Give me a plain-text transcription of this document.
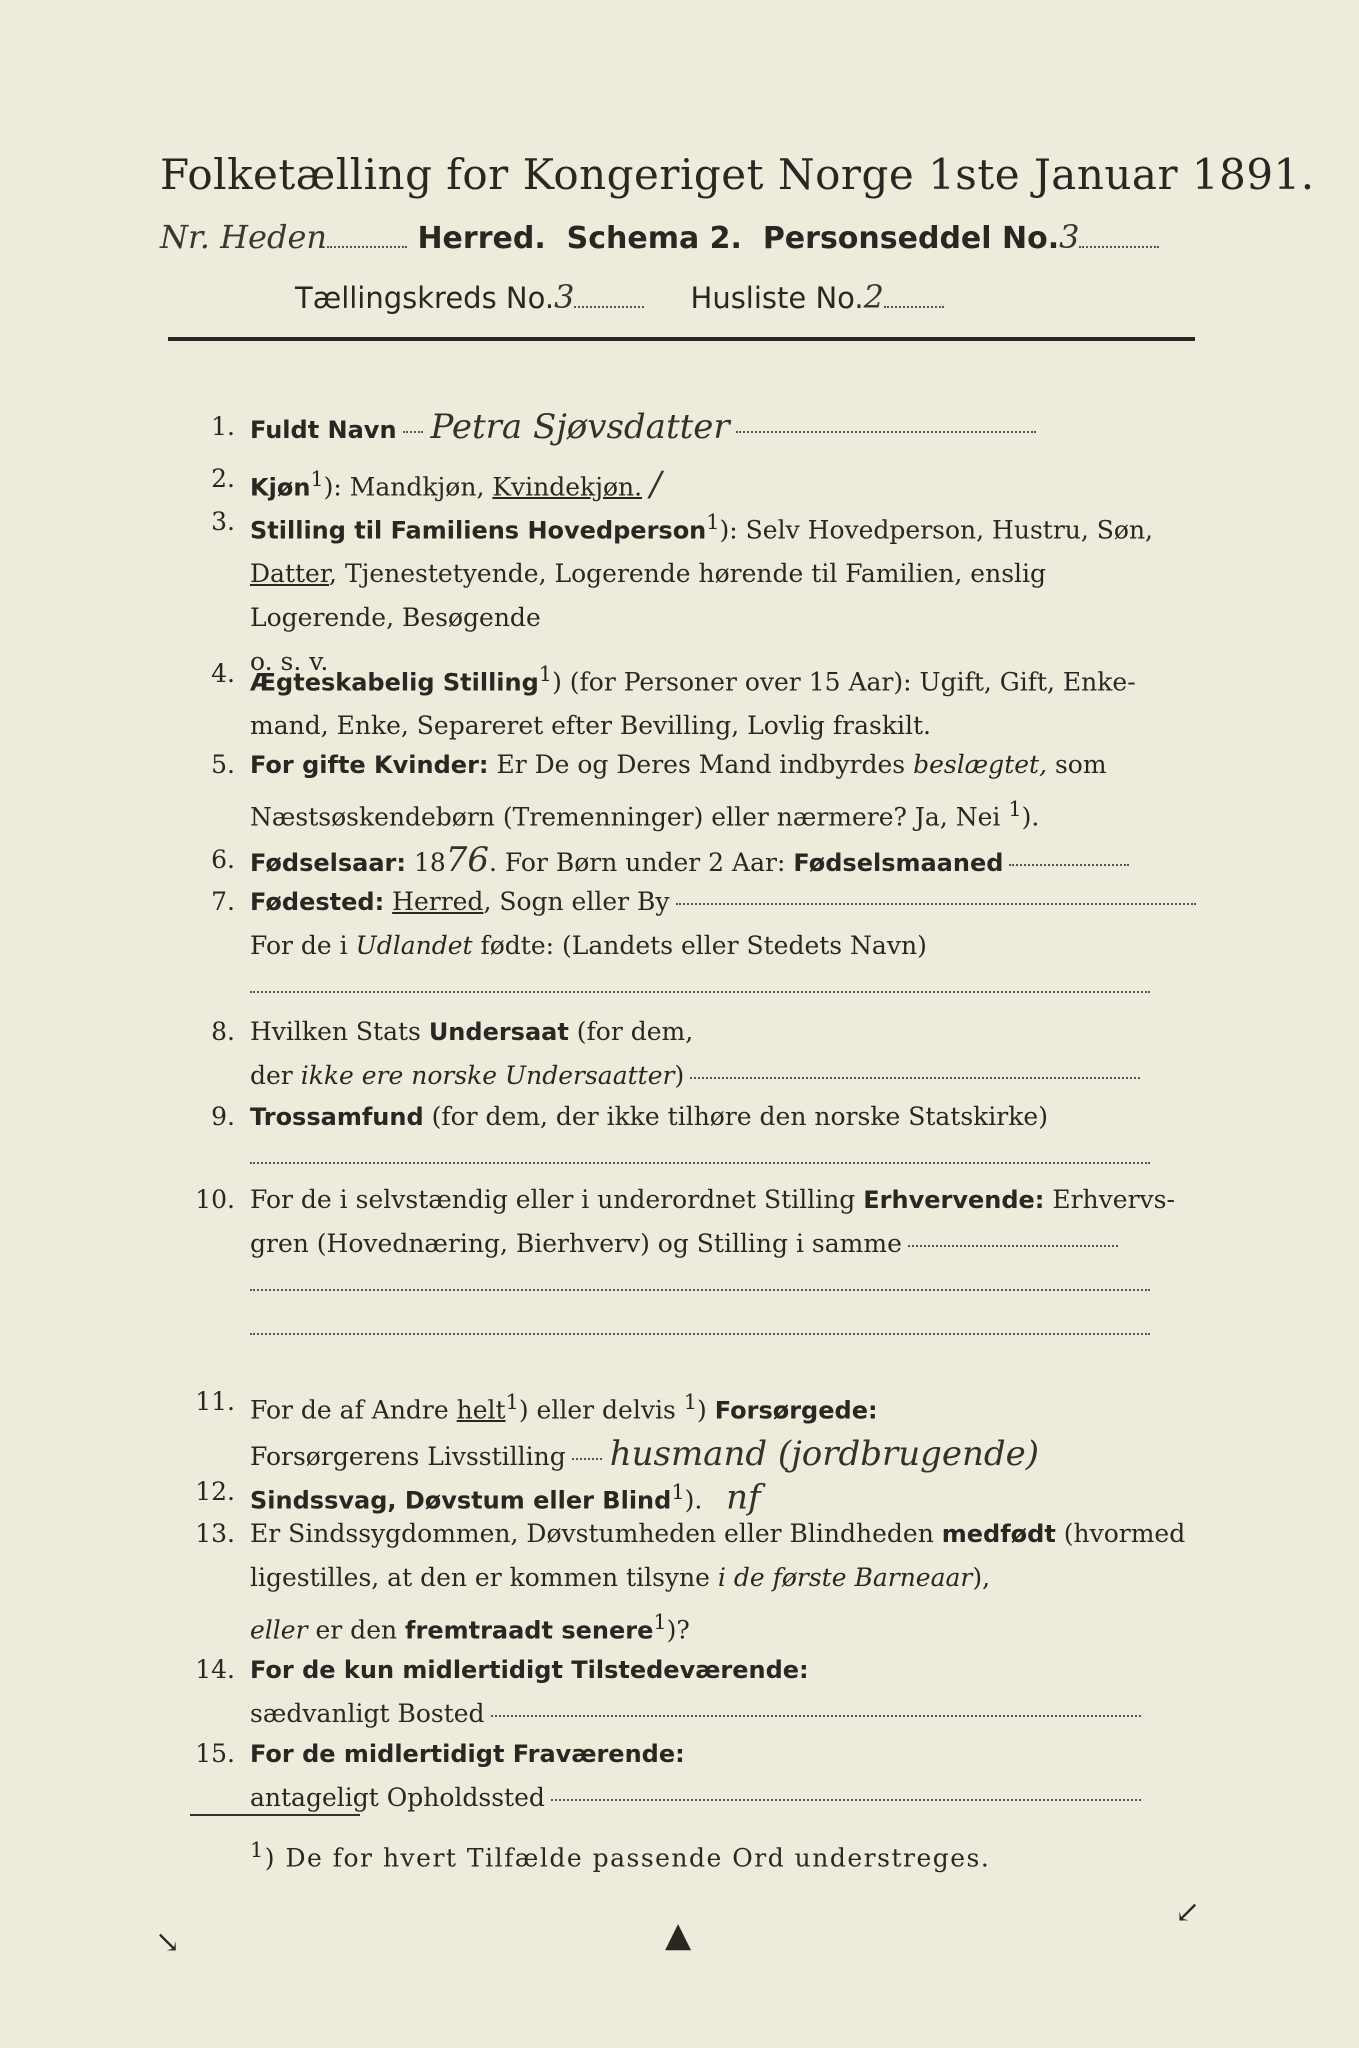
Folketælling for Kongeriget Norge 1ste Januar 1891.
Nr. Heden	Herred. Schema 2. Personseddel No.3
Tællingskreds No.3	Husliste No.2
1. Fuldt Navn Petra Sjøvsdatter
2. Kjøn$^1$): Mandkjøn, Kvindekjøn. /
3. Stilling til Familiens Hovedperson$^1$): Selv Hovedperson, Hustru, Søn,
Datter, Tjenestetyende, Logerende hørende til Familien, enslig
Logerende, Besøgende
o. s. v.
4. Ægteskabelig Stilling$^1$) (for Personer over 15 Aar): Ugift, Gift, Enke-
mand, Enke, Separeret efter Bevilling, Lovlig fraskilt.
5. For gifte Kvinder: Er De og Deres Mand indbyrdes beslægtet, som
Næstsøskendebørn (Tremenninger) eller nærmere? Ja, Nei $^1$).
6. Fødselsaar: 1876. For Børn under 2 Aar: Fødselsmaaned
7. Fødested: Herred, Sogn eller By
For de i Udlandet fødte: (Landets eller Stedets Navn)

8. Hvilken Stats Undersaat (for dem,
der ikke ere norske Undersaatter)
9. Trossamfund (for dem, der ikke tilhøre den norske Statskirke)

10. For de i selvstændig eller i underordnet Stilling Erhvervende: Erhvervs-
gren (Hovednæring, Bierhverv) og Stilling i samme

11. For de af Andre helt$^1$) eller delvis $^1$) Forsørgede:
Forsørgerens Livsstilling husmand (jordbrugende)
12. Sindssvag, Døvstum eller Blind$^1$). nf
13. Er Sindssygdommen, Døvstumheden eller Blindheden medfødt (hvormed
ligestilles, at den er kommen tilsyne i de første Barneaar),
eller er den fremtraadt senere$^1$)?
14. For de kun midlertidigt Tilstedeværende:
sædvanligt Bosted
15. For de midlertidigt Fraværende:
antageligt Opholdssted
$^1$) De for hvert Tilfælde passende Ord understreges.
↘	▲
↙
